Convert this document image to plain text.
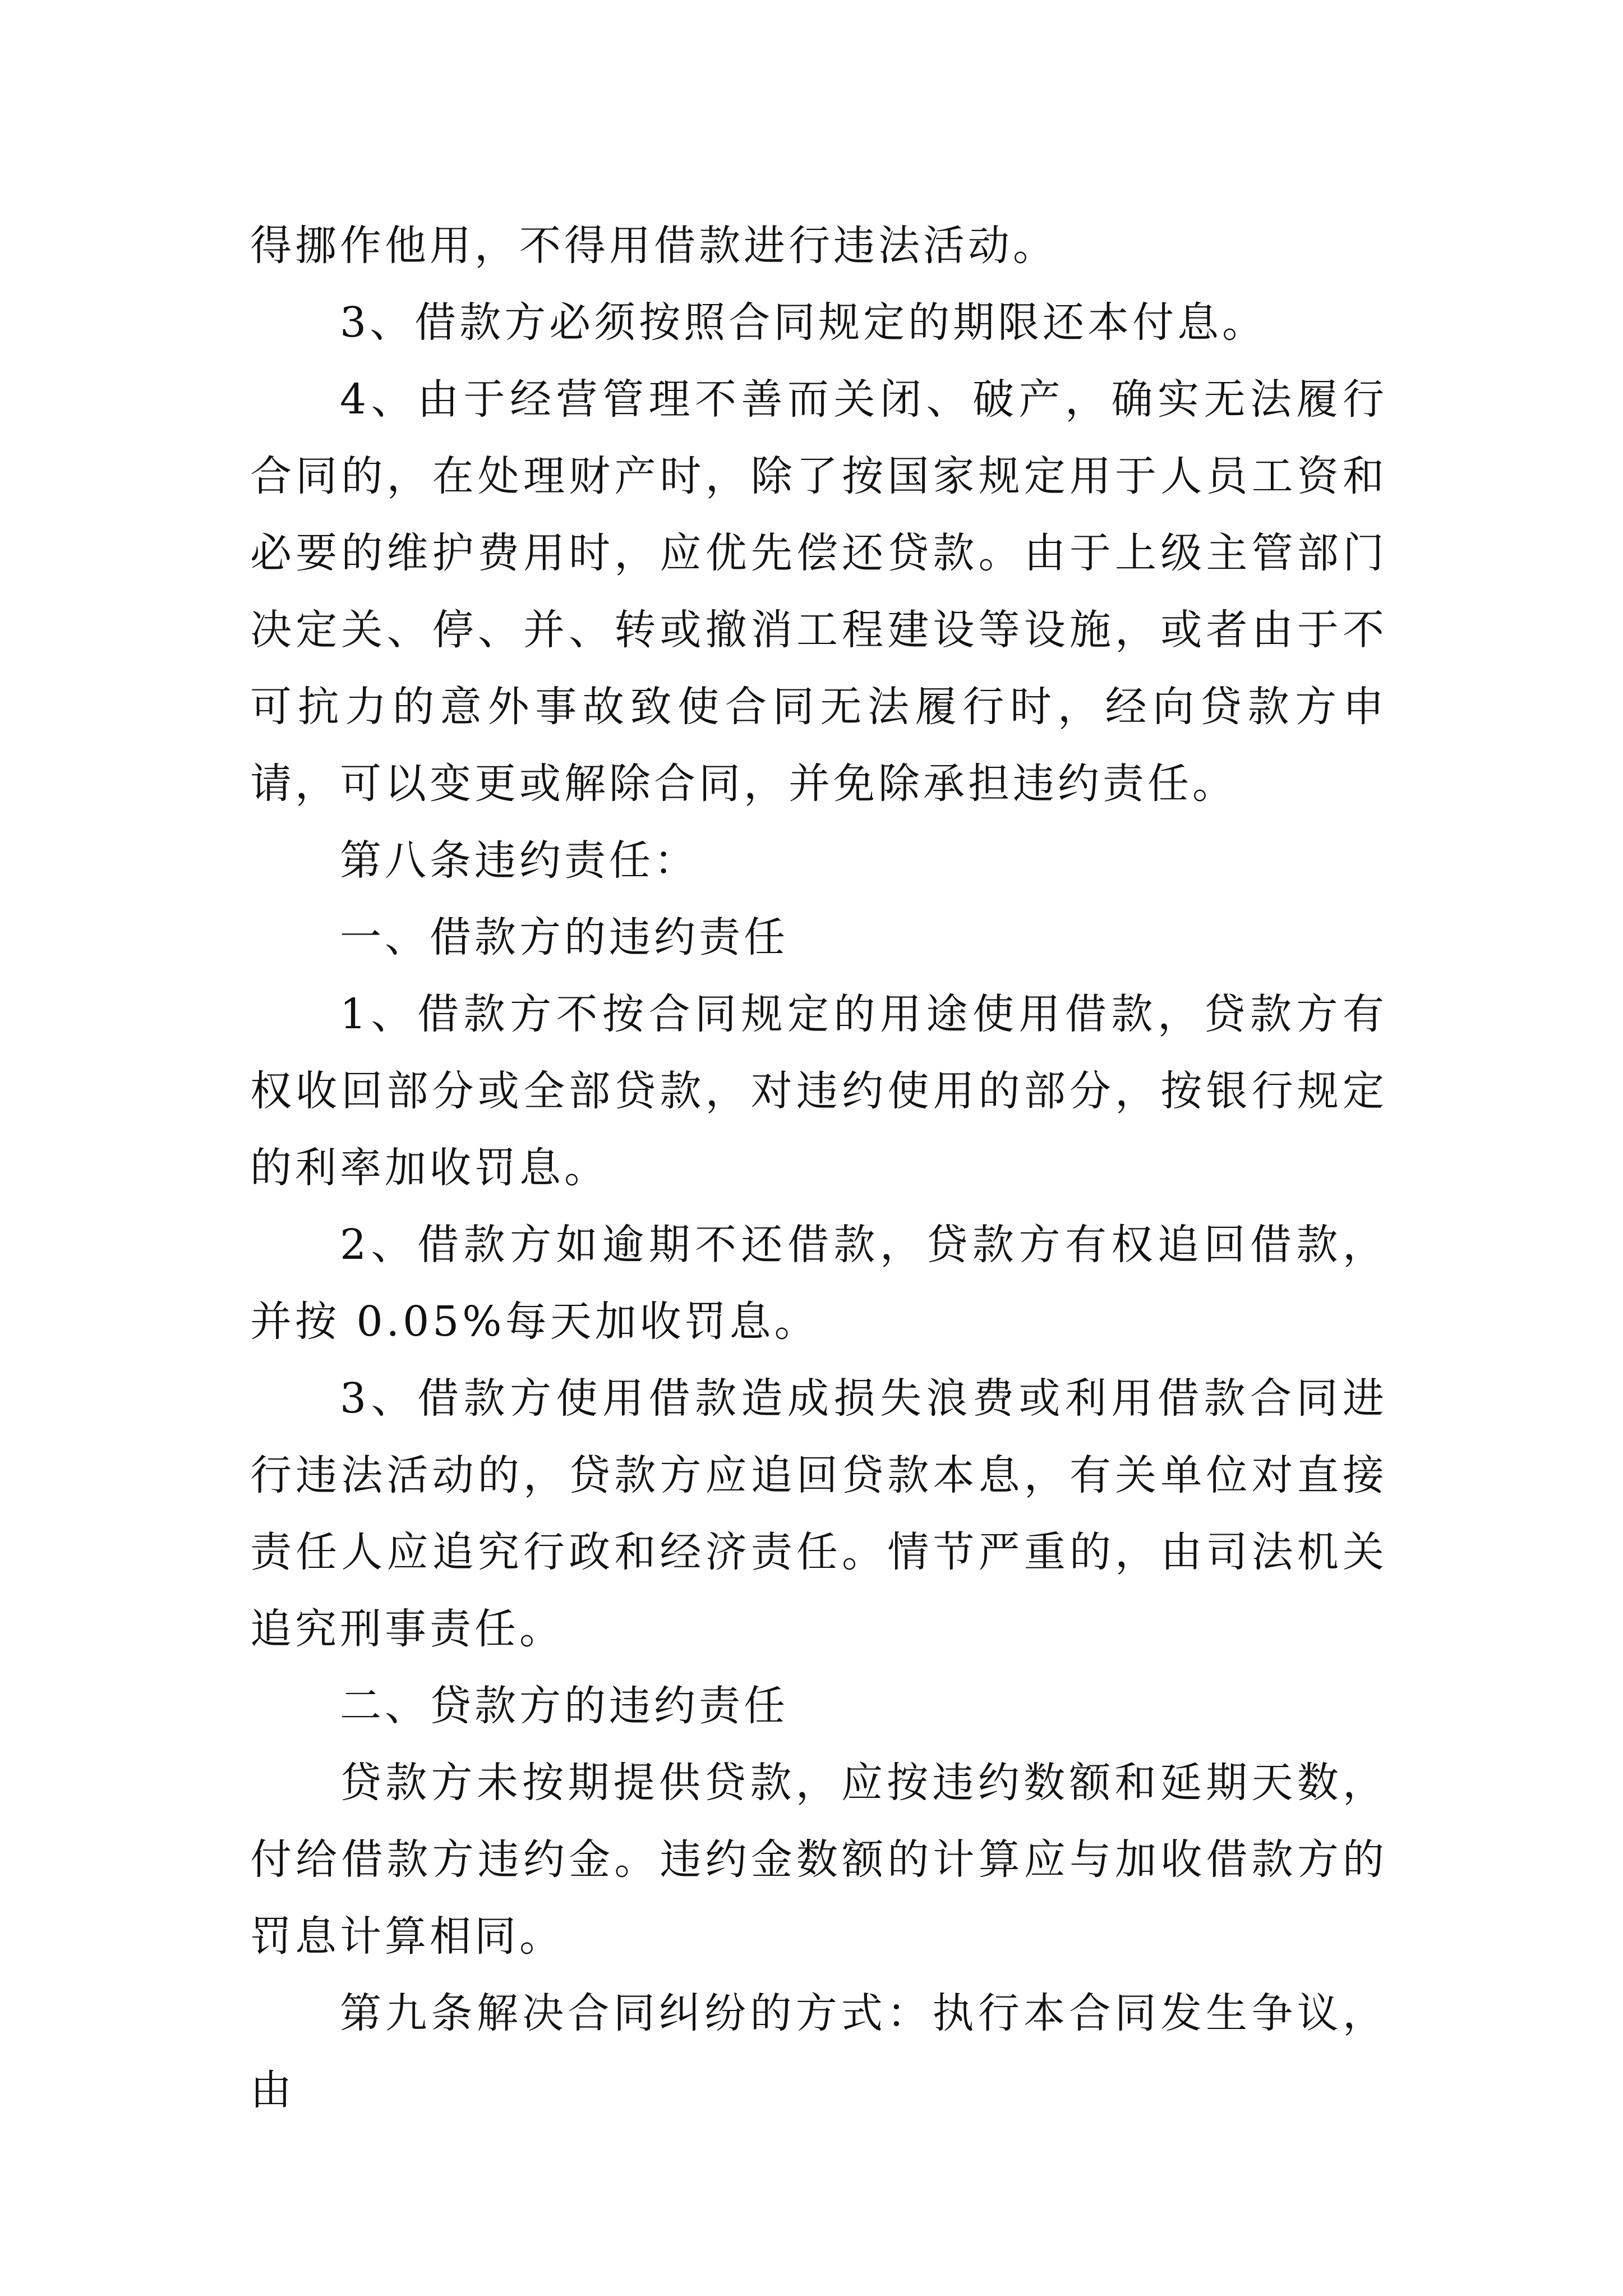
得挪作他用，不得用借款进行违法活动。

3、借款方必须按照合同规定的期限还本付息。

4、由于经营管理不善而关闭、破产，确实无法履行合同的，在处理财产时，除了按国家规定用于人员工资和必要的维护费用时，应优先偿还贷款。由于上级主管部门决定关、停、并、转或撤消工程建设等设施，或者由于不可抗力的意外事故致使合同无法履行时，经向贷款方申请，可以变更或解除合同，并免除承担违约责任。

第八条违约责任：

一、借款方的违约责任

1、借款方不按合同规定的用途使用借款，贷款方有权收回部分或全部贷款，对违约使用的部分，按银行规定的利率加收罚息。

2、借款方如逾期不还借款，贷款方有权追回借款，并按 0.05%每天加收罚息。

3、借款方使用借款造成损失浪费或利用借款合同进行违法活动的，贷款方应追回贷款本息，有关单位对直接责任人应追究行政和经济责任。情节严重的，由司法机关追究刑事责任。

二、贷款方的违约责任

贷款方未按期提供贷款，应按违约数额和延期天数，付给借款方违约金。违约金数额的计算应与加收借款方的罚息计算相同。

第九条解决合同纠纷的方式：执行本合同发生争议，由
